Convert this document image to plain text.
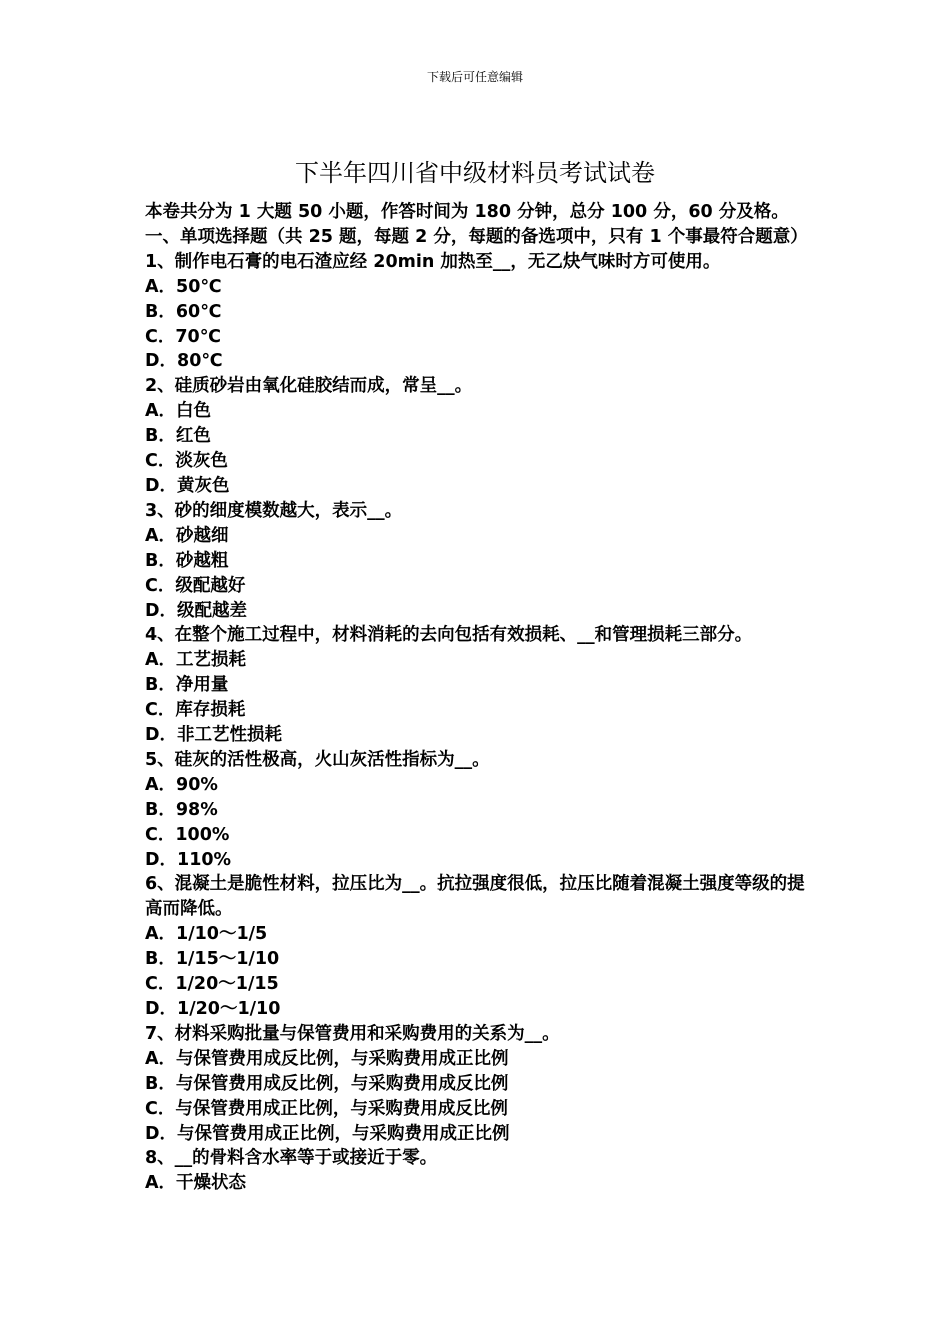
下载后可任意编辑
下半年四川省中级材料员考试试卷

本卷共分为 1 大题 50 小题，作答时间为 180 分钟，总分 100 分，60 分及格。

一、单项选择题（共 25 题，每题 2 分，每题的备选项中，只有 1 个事最符合题意）

1、制作电石膏的电石渣应经 20min 加热至__，无乙炔气味时方可使用。

A．50℃

B．60℃

C．70℃

D．80℃

2、硅质砂岩由氧化硅胶结而成，常呈__。

A．白色

B．红色

C．淡灰色

D．黄灰色

3、砂的细度模数越大，表示__。

A．砂越细

B．砂越粗

C．级配越好

D．级配越差

4、在整个施工过程中，材料消耗的去向包括有效损耗、__和管理损耗三部分。

A．工艺损耗

B．净用量

C．库存损耗

D．非工艺性损耗

5、硅灰的活性极高，火山灰活性指标为__。

A．90%

B．98%

C．100%

D．110%

6、混凝土是脆性材料，拉压比为__。抗拉强度很低，拉压比随着混凝土强度等级的提高而降低。

A．1/10～1/5

B．1/15～1/10

C．1/20～1/15

D．1/20～1/10

7、材料采购批量与保管费用和采购费用的关系为__。

A．与保管费用成反比例，与采购费用成正比例

B．与保管费用成反比例，与采购费用成反比例

C．与保管费用成正比例，与采购费用成反比例

D．与保管费用成正比例，与采购费用成正比例

8、__的骨料含水率等于或接近于零。

A．干燥状态
